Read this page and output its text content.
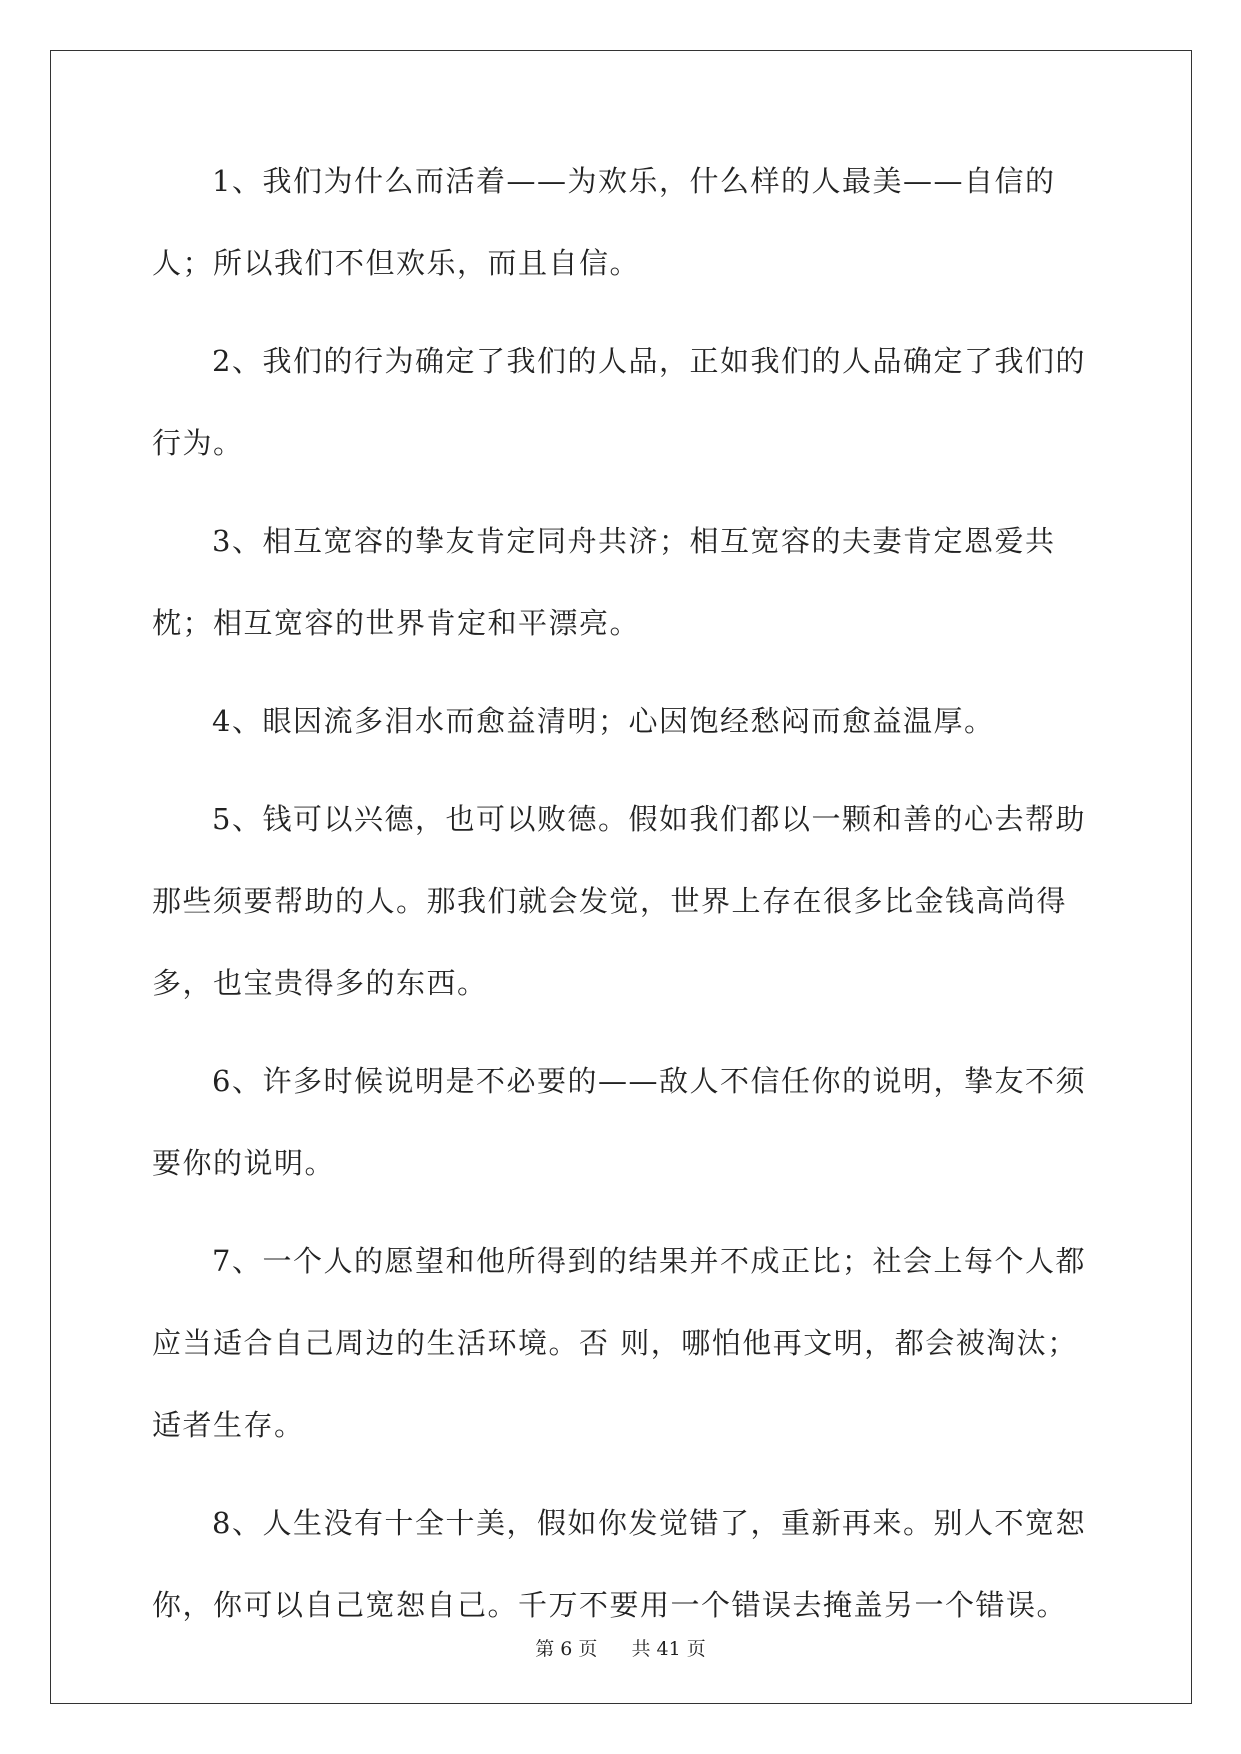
1、我们为什么而活着——为欢乐，什么样的人最美——自信的人；所以我们不但欢乐，而且自信。

2、我们的行为确定了我们的人品，正如我们的人品确定了我们的行为。

3、相互宽容的挚友肯定同舟共济；相互宽容的夫妻肯定恩爱共枕；相互宽容的世界肯定和平漂亮。

4、眼因流多泪水而愈益清明；心因饱经愁闷而愈益温厚。

5、钱可以兴德，也可以败德。假如我们都以一颗和善的心去帮助那些须要帮助的人。那我们就会发觉，世界上存在很多比金钱高尚得多，也宝贵得多的东西。

6、许多时候说明是不必要的——敌人不信任你的说明，挚友不须要你的说明。

7、一个人的愿望和他所得到的结果并不成正比；社会上每个人都应当适合自己周边的生活环境。否 则，哪怕他再文明，都会被淘汰；适者生存。

8、人生没有十全十美，假如你发觉错了，重新再来。别人不宽恕你，你可以自己宽恕自己。千万不要用一个错误去掩盖另一个错误。

第 6 页 共 41 页
